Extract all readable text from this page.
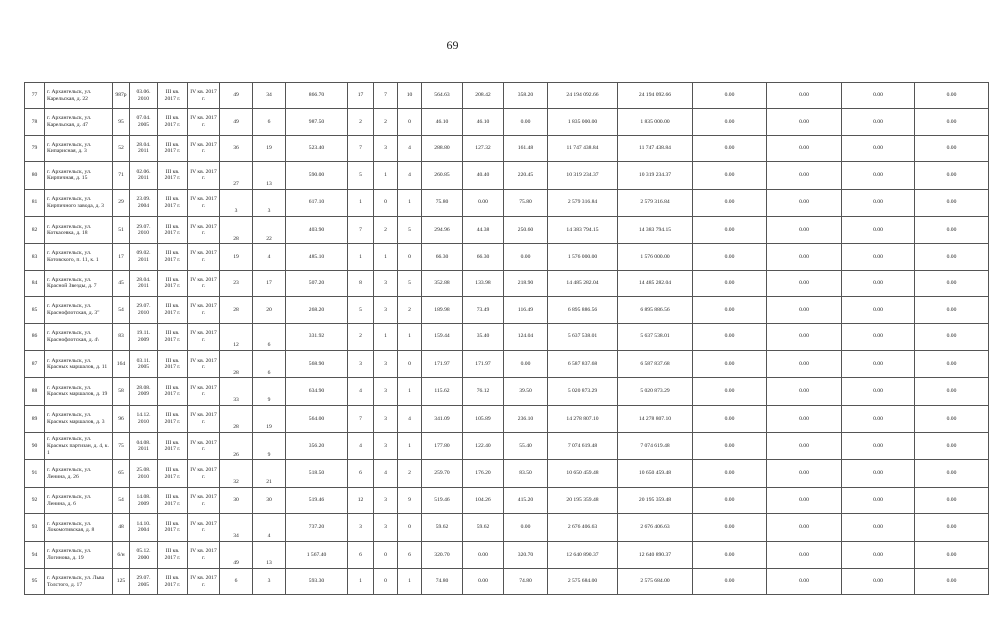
69
77	г. Архангельск, ул. Карельская, д. 22	987р	03.06. 2010	III кв. 2017 г.	IV кв. 2017 г.	49	34	866.70	17	7	10	564.63	208.42	358.20	24 194 092.66	24 194 092.66	0.00	0.00	0.00	0.00
78	г. Архангельск, ул. Карельская, д. 47	95	07.04. 2005	III кв. 2017 г.	IV кв. 2017 г.	49	6	987.50	2	2	0	46.10	46.10	0.00	1 835 000.00	1 835 000.00	0.00	0.00	0.00	0.00
79	г. Архангельск, ул. Кипарисная, д. 3	52	28.04. 2011	III кв. 2017 г.	IV кв. 2017 г.	36	19	523.40	7	3	4	288.80	127.32	161.48	11 747 438.84	11 747 438.84	0.00	0.00	0.00	0.00
80	г. Архангельск, ул. Кирпичная, д. 15	71	02.06. 2011	III кв. 2017 г.	IV кв. 2017 г.	27	13	590.00	5	1	4	260.85	40.40	220.45	10 319 234.37	10 319 234.37	0.00	0.00	0.00	0.00
81	г. Архангельск, ул. Кирпичного завода, д. 3	29	23.09. 2004	III кв. 2017 г.	IV кв. 2017 г.	3	3	617.10	1	0	1	75.80	0.00	75.80	2 579 316.84	2 579 316.84	0.00	0.00	0.00	0.00
82	г. Архангельск, ул. Коткасевка, д. 18	51	29.07. 2010	III кв. 2017 г.	IV кв. 2017 г.	28	22	403.90	7	2	5	294.96	44.38	250.60	14 383 794.15	14 383 794.15	0.00	0.00	0.00	0.00
83	г. Архангельск, ул. Котовского, п. 11, к. 1	17	09.02. 2011	III кв. 2017 г.	IV кв. 2017 г.	19	4	485.10	1	1	0	66.30	66.30	0.00	1 576 000.00	1 576 000.00	0.00	0.00	0.00	0.00
84	г. Архангельск, ул. Красной Звезды, д. 7	45	28.04. 2011	III кв. 2017 г.	IV кв. 2017 г.	23	17	507.20	8	3	5	352.88	133.98	218.90	14 485 282.04	14 485 282.04	0.00	0.00	0.00	0.00
85	г. Архангельск, ул. Краснофлотская, д. 3"	54	29.07. 2010	III кв. 2017 г.	IV кв. 2017 г.	28	20	268.20	5	3	2	189.98	73.49	116.49	6 895 886.56	6 895 886.56	0.00	0.00	0.00	0.00
86	г. Архангельск, ул. Краснофлотская, д. 4\	83	19.11. 2009	III кв. 2017 г.	IV кв. 2017 г.	12	6	331.92	2	1	1	159.44	35.40	124.04	5 637 538.01	5 637 538.01	0.00	0.00	0.00	0.00
87	г. Архангельск, ул. Красных маршалов, д. 11	164	03.11. 2005	III кв. 2017 г.	IV кв. 2017 г.	28	6	568.90	3	3	0	171.97	171.97	0.00	6 587 837.68	6 587 837.68	0.00	0.00	0.00	0.00
88	г. Архангельск, ул. Красных маршалов, д. 19	58	28.08. 2009	III кв. 2017 г.	IV кв. 2017 г.	33	9	634.90	4	3	1	115.62	76.12	39.50	5 020 873.29	5 020 873.29	0.00	0.00	0.00	0.00
89	г. Архангельск, ул. Красных маршалов, д. 3	96	14.12. 2010	III кв. 2017 г.	IV кв. 2017 г.	28	19	564.00	7	3	4	341.09	105.89	236.10	14 278 807.10	14 278 807.10	0.00	0.00	0.00	0.00
90	г. Архангельск, ул. Красных партизан, д. 4, к. 1	75	04.08. 2011	III кв. 2017 г.	IV кв. 2017 г.	26	9	356.20	4	3	1	177.80	122.40	55.40	7 074 619.48	7 074 619.48	0.00	0.00	0.00	0.00
91	г. Архангельск, ул. Ленина, д. 26	65	25.08. 2010	III кв. 2017 г.	IV кв. 2017 г.	32	21	518.50	6	4	2	259.70	176.20	83.50	10 650 459.48	10 650 459.48	0.00	0.00	0.00	0.00
92	г. Архангельск, ул. Ленина, д. 6	54	14.08. 2009	III кв. 2017 г.	IV кв. 2017 г.	30	30	519.46	12	3	9	519.46	104.26	415.20	20 195 359.48	20 195 359.48	0.00	0.00	0.00	0.00
93	г. Архангельск, ул. Локомотивская, д. 8	48	14.10. 2004	III кв. 2017 г.	IV кв. 2017 г.	34	4	737.20	3	3	0	59.62	59.62	0.00	2 676 406.63	2 676 406.63	0.00	0.00	0.00	0.00
94	г. Архангельск, ул. Логинова, д. 19	6/н	05.12. 2000	III кв. 2017 г.	IV кв. 2017 г.	49	13	1 567.40	6	0	6	320.70	0.00	320.70	12 640 890.37	12 640 890.37	0.00	0.00	0.00	0.00
95	г. Архангельск, ул. Льва Толстого, д. 17	125	29.07. 2005	III кв. 2017 г.	IV кв. 2017 г.	6	3	593.30	1	0	1	74.80	0.00	74.80	2 575 684.00	2 575 684.00	0.00	0.00	0.00	0.00
